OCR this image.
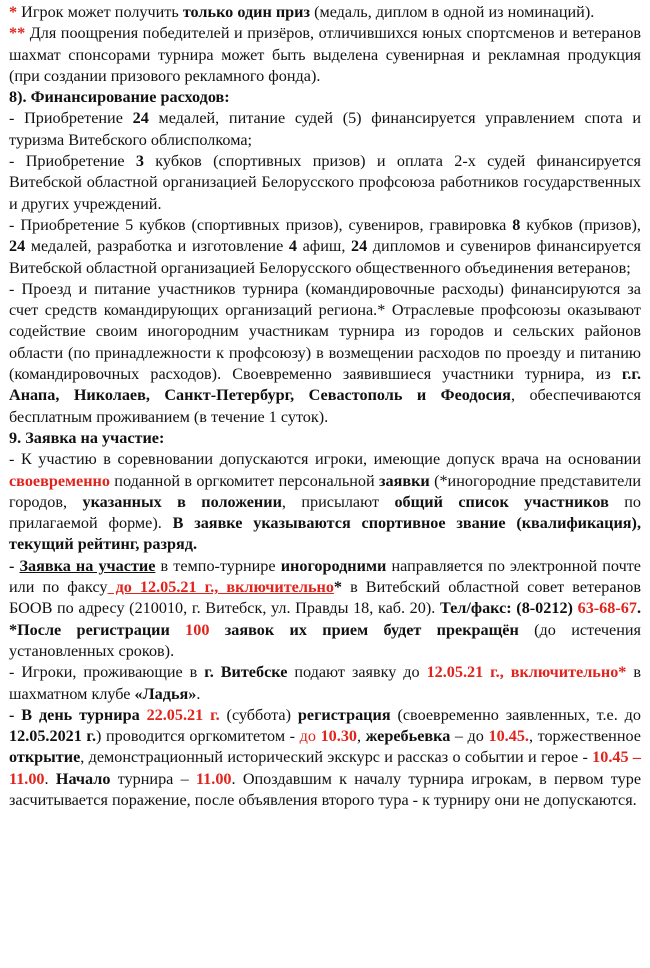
* Игрок может получить только один приз (медаль, диплом в одной из номинаций).

** Для поощрения победителей и призёров, отличившихся юных спортсменов и ветеранов шахмат спонсорами турнира может быть выделена сувенирная и рекламная продукция (при создании призового рекламного фонда).

8). Финансирование расходов:

- Приобретение 24 медалей, питание судей (5) финансируется управлением спота и туризма Витебского облисполкома;

- Приобретение 3 кубков (спортивных призов) и оплата 2-х судей финансируется Витебской областной организацией Белорусского профсоюза работников государственных и других учреждений.

- Приобретение 5 кубков (спортивных призов), сувениров, гравировка 8 кубков (призов), 24 медалей, разработка и изготовление 4 афиш, 24 дипломов и сувениров финансируется Витебской областной организацией Белорусского общественного объединения ветеранов;

- Проезд и питание участников турнира (командировочные расходы) финансируются за счет средств командирующих организаций региона.* Отраслевые профсоюзы оказывают содействие своим иногородним участникам турнира из городов и сельских районов области (по принадлежности к профсоюзу) в возмещении расходов по проезду и питанию (командировочных расходов). Своевременно заявившиеся участники турнира, из г.г. Анапа, Николаев, Санкт-Петербург, Севастополь и Феодосия, обеспечиваются бесплатным проживанием (в течение 1 суток).

9. Заявка на участие:

- К участию в соревновании допускаются игроки, имеющие допуск врача на основании своевременно поданной в оргкомитет персональной заявки (*иногородние представители городов, указанных в положении, присылают общий список участников по прилагаемой форме). В заявке указываются спортивное звание (квалификация), текущий рейтинг, разряд.

- Заявка на участие в темпо-турнире иногородними направляется по электронной почте или по факсу до 12.05.21 г., включительно* в Витебский областной совет ветеранов БООВ по адресу (210010, г. Витебск, ул. Правды 18, каб. 20). Тел/факс: (8-0212) 63-68-67. *После регистрации 100 заявок их прием будет прекращён (до истечения установленных сроков).

- Игроки, проживающие в г. Витебске подают заявку до 12.05.21 г., включительно* в шахматном клубе «Ладья».

- В день турнира 22.05.21 г. (суббота) регистрация (своевременно заявленных, т.е. до 12.05.2021 г.) проводится оргкомитетом - до 10.30, жеребьевка – до 10.45., торжественное открытие, демонстрационный исторический экскурс и рассказ о событии и герое - 10.45 – 11.00. Начало турнира – 11.00. Опоздавшим к началу турнира игрокам, в первом туре засчитывается поражение, после объявления второго тура - к турниру они не допускаются.
